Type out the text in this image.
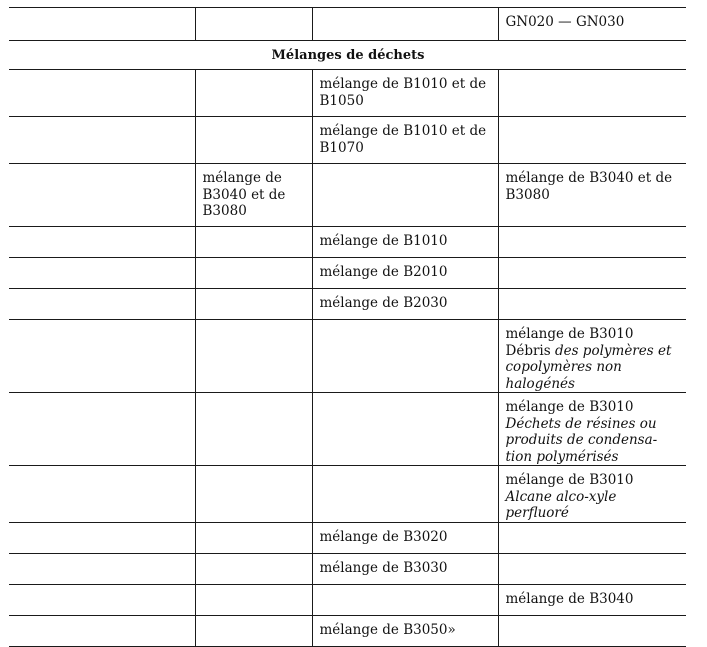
			GN020 — GN030
Mélanges de déchets			
		mélange de B1010 et de B1050	
		mélange de B1010 et de B1070	
	mélange de B3040 et de B3080		mélange de B3040 et de B3080
		mélange de B1010	
		mélange de B2010	
		mélange de B2030	
			mélange de B3010 Débris des polymères et copolymères non halogénés
			mélange de B3010 Déchets de résines ou produits de condensa-tion polymérisés
			mélange de B3010 Alcane alco-xyle perfluoré
		mélange de B3020	
		mélange de B3030	
			mélange de B3040
		mélange de B3050»	
